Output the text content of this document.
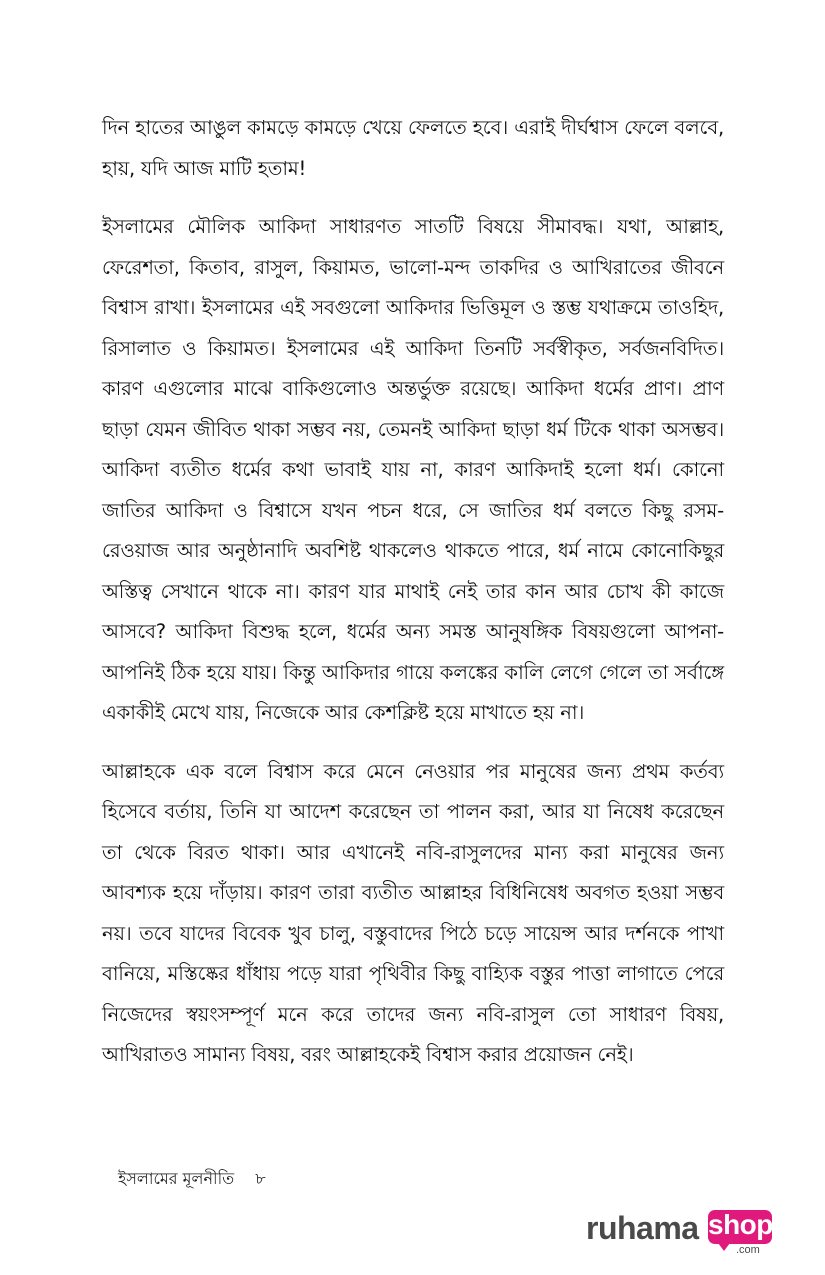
দিন হাতের আঙুল কামড়ে কামড়ে খেয়ে ফেলতে হবে। এরাই দীর্ঘশ্বাস ফেলে বলবে, হায়, যদি আজ মাটি হতাম!

ইসলামের মৌলিক আকিদা সাধারণত সাতটি বিষয়ে সীমাবদ্ধ। যথা, আল্লাহ, ফেরেশতা, কিতাব, রাসুল, কিয়ামত, ভালো-মন্দ তাকদির ও আখিরাতের জীবনে বিশ্বাস রাখা। ইসলামের এই সবগুলো আকিদার ভিত্তিমূল ও স্তম্ভ যথাক্রমে তাওহিদ, রিসালাত ও কিয়ামত। ইসলামের এই আকিদা তিনটি সর্বস্বীকৃত, সর্বজনবিদিত। কারণ এগুলোর মাঝে বাকিগুলোও অন্তর্ভুক্ত রয়েছে। আকিদা ধর্মের প্রাণ। প্রাণ ছাড়া যেমন জীবিত থাকা সম্ভব নয়, তেমনই আকিদা ছাড়া ধর্ম টিকে থাকা অসম্ভব। আকিদা ব্যতীত ধর্মের কথা ভাবাই যায় না, কারণ আকিদাই হলো ধর্ম। কোনো জাতির আকিদা ও বিশ্বাসে যখন পচন ধরে, সে জাতির ধর্ম বলতে কিছু রসম-রেওয়াজ আর অনুষ্ঠানাদি অবশিষ্ট থাকলেও থাকতে পারে, ধর্ম নামে কোনোকিছুর অস্তিত্ব সেখানে থাকে না। কারণ যার মাথাই নেই তার কান আর চোখ কী কাজে আসবে? আকিদা বিশুদ্ধ হলে, ধর্মের অন্য সমস্ত আনুষঙ্গিক বিষয়গুলো আপনা-আপনিই ঠিক হয়ে যায়। কিন্তু আকিদার গায়ে কলঙ্কের কালি লেগে গেলে তা সর্বাঙ্গে একাকীই মেখে যায়, নিজেকে আর কেশক্লিষ্ট হয়ে মাখাতে হয় না।

আল্লাহকে এক বলে বিশ্বাস করে মেনে নেওয়ার পর মানুষের জন্য প্রথম কর্তব্য হিসেবে বর্তায়, তিনি যা আদেশ করেছেন তা পালন করা, আর যা নিষেধ করেছেন তা থেকে বিরত থাকা। আর এখানেই নবি-রাসুলদের মান্য করা মানুষের জন্য আবশ্যক হয়ে দাঁড়ায়। কারণ তারা ব্যতীত আল্লাহর বিধিনিষেধ অবগত হওয়া সম্ভব নয়। তবে যাদের বিবেক খুব চালু, বস্তুবাদের পিঠে চড়ে সায়েন্স আর দর্শনকে পাখা বানিয়ে, মস্তিষ্কের ধাঁধায় পড়ে যারা পৃথিবীর কিছু বাহ্যিক বস্তুর পাত্তা লাগাতে পেরে নিজেদের স্বয়ংসম্পূর্ণ মনে করে তাদের জন্য নবি-রাসুল তো সাধারণ বিষয়, আখিরাতও সামান্য বিষয়, বরং আল্লাহকেই বিশ্বাস করার প্রয়োজন নেই।

ইসলামের মূলনীতি ৮
ruhama shop
.com
